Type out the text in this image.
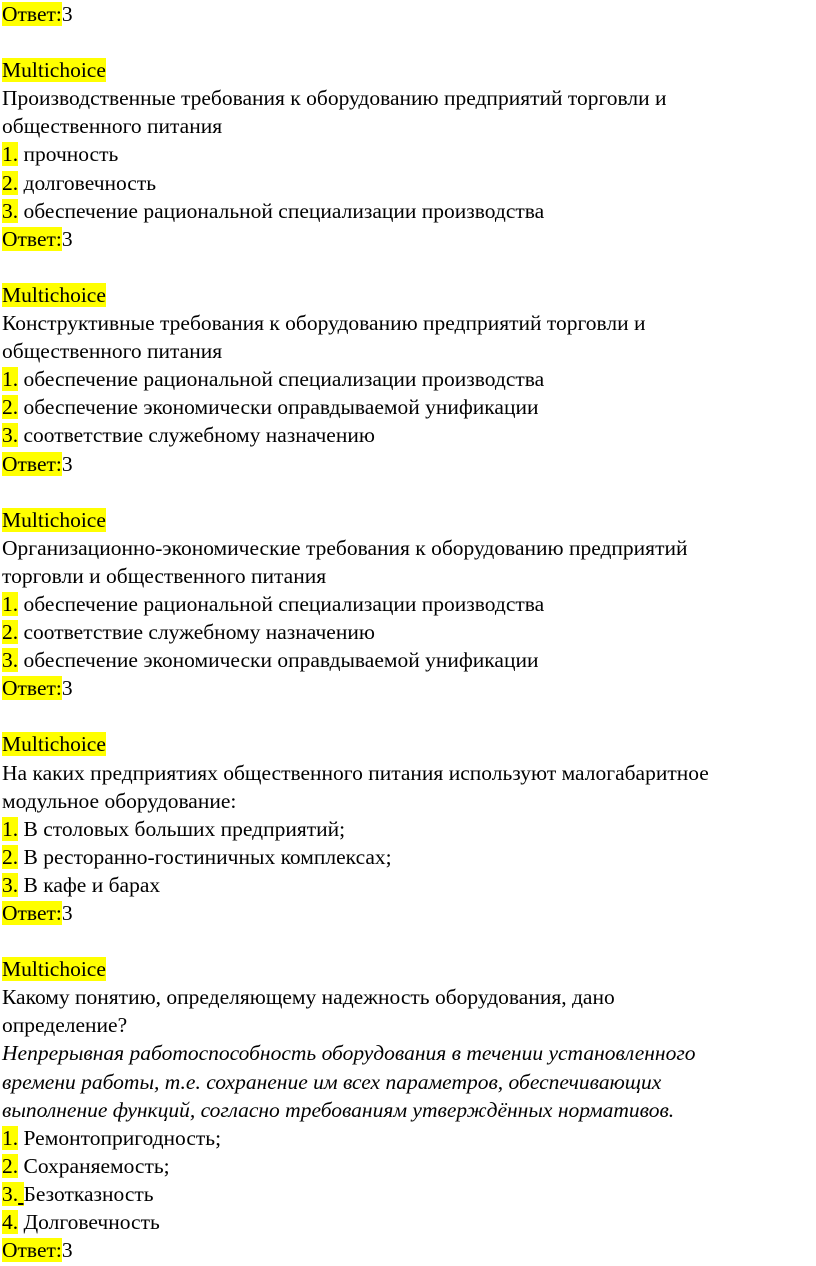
Ответ:3
Multichoice
Производственные требования к оборудованию предприятий торговли и
общественного питания
1. прочность
2. долговечность
3. обеспечение рациональной специализации производства
Ответ:3
Multichoice
Конструктивные требования к оборудованию предприятий торговли и
общественного питания
1. обеспечение рациональной специализации производства
2. обеспечение экономически оправдываемой унификации
3. соответствие служебному назначению
Ответ:3
Multichoice
Организационно-экономические требования к оборудованию предприятий
торговли и общественного питания
1. обеспечение рациональной специализации производства
2. соответствие служебному назначению
3. обеспечение экономически оправдываемой унификации
Ответ:3
Multichoice
На каких предприятиях общественного питания используют малогабаритное
модульное оборудование:
1. В столовых больших предприятий;
2. В ресторанно-гостиничных комплексах;
3. В кафе и барах
Ответ:3
Multichoice
Какому понятию, определяющему надежность оборудования, дано
определение?
Непрерывная работоспособность оборудования в течении установленного
времени работы, т.е. сохранение им всех параметров, обеспечивающих
выполнение функций, согласно требованиям утверждённых нормативов.
1. Ремонтопригодность;
2. Сохраняемость;
3. Безотказность
4. Долговечность
Ответ:3
